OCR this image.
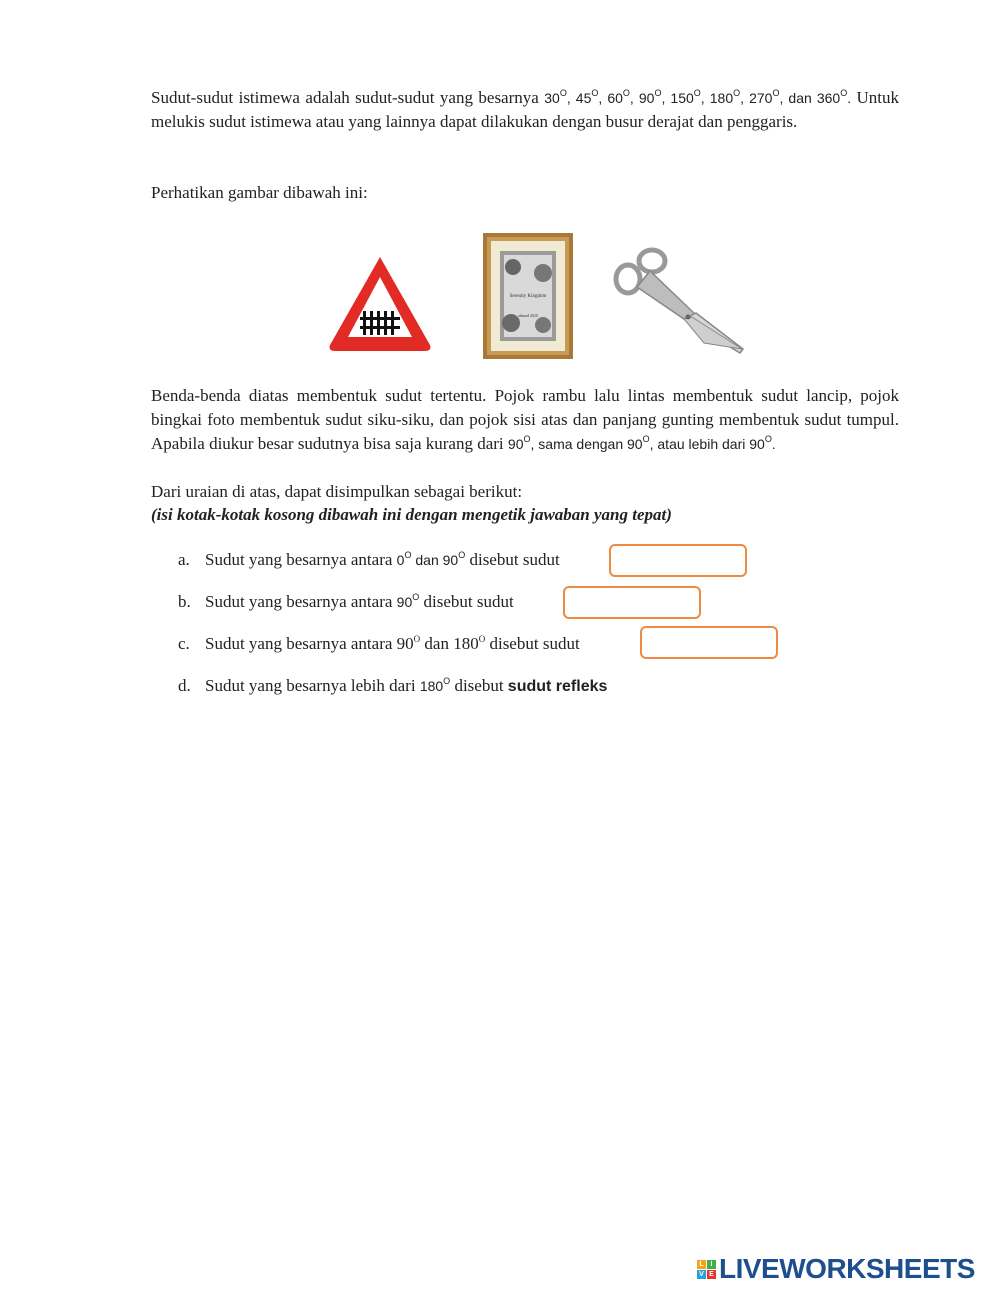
Sudut-sudut istimewa adalah sudut-sudut yang besarnya $30^O$, $45^O$, $60^O$, $90^O$, $150^O$, $180^O$, $270^O$, dan $360^O$. Untuk melukis sudut istimewa atau yang lainnya dapat dilakukan dengan busur derajat dan penggaris.
Perhatikan gambar dibawah ini:
Serenity Kingdom
ahmad 2020
Benda-benda diatas membentuk sudut tertentu. Pojok rambu lalu lintas membentuk sudut lancip, pojok bingkai foto membentuk sudut siku-siku, dan pojok sisi atas dan panjang gunting membentuk sudut tumpul. Apabila diukur besar sudutnya bisa saja kurang dari $90^O$, sama dengan $90^O$, atau lebih dari $90^O$.
Dari uraian di atas, dapat disimpulkan sebagai berikut:
(isi kotak-kotak kosong dibawah ini dengan mengetik jawaban yang tepat)
a. Sudut yang besarnya antara $0^O$ dan $90^O$ disebut sudut
b. Sudut yang besarnya antara $90^O$ disebut sudut
c. Sudut yang besarnya antara $90^O$ dan $180^O$ disebut sudut
d. Sudut yang besarnya lebih dari $180^O$ disebut sudut refleks
L I
V E LIVEWORKSHEETS
